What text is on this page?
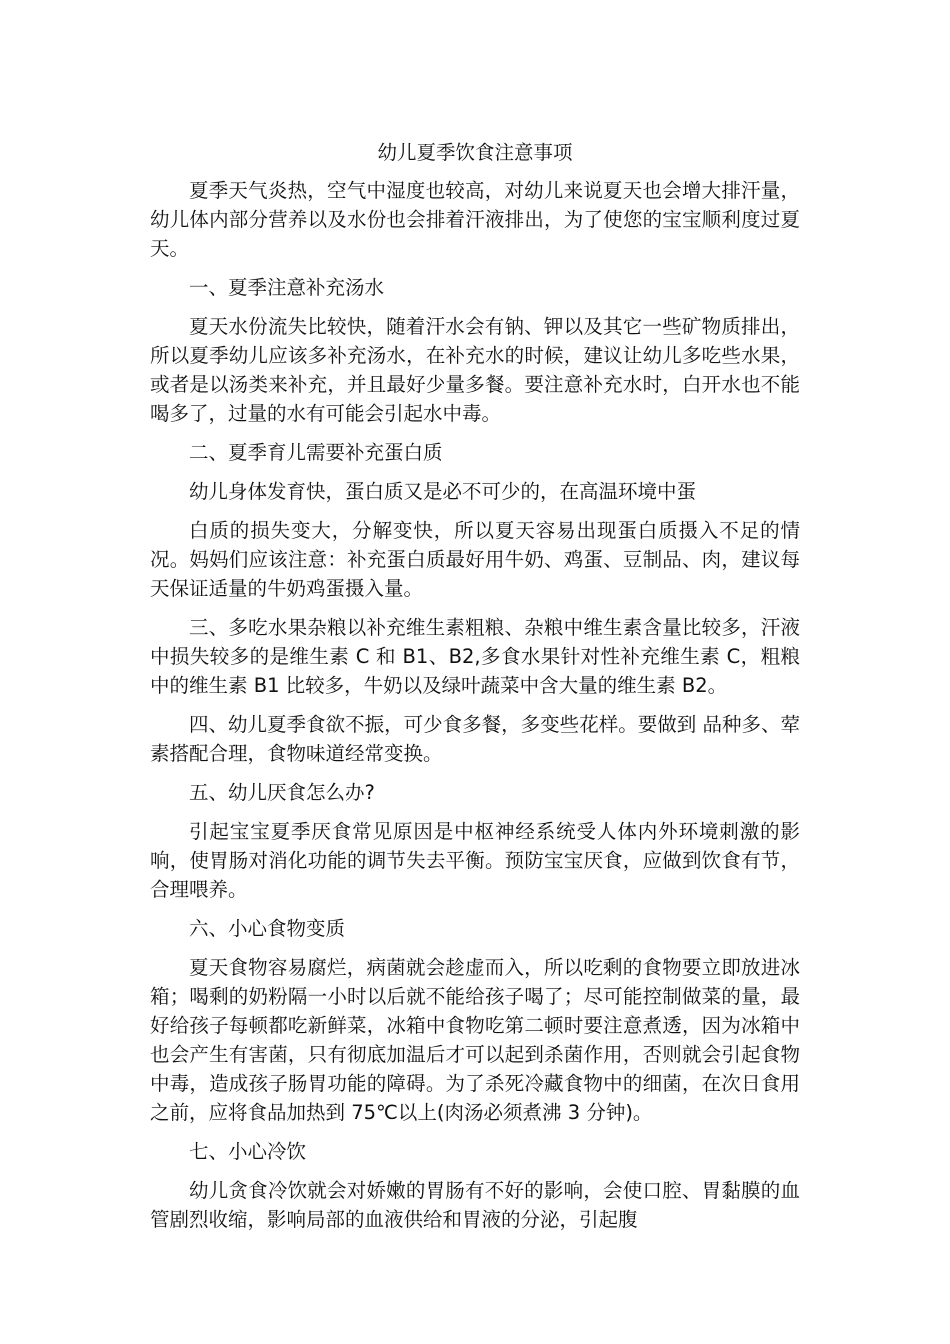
幼儿夏季饮食注意事项

夏季天气炎热，空气中湿度也较高，对幼儿来说夏天也会增大排汗量，幼儿体内部分营养以及水份也会排着汗液排出，为了使您的宝宝顺利度过夏天。

一、夏季注意补充汤水

夏天水份流失比较快，随着汗水会有钠、钾以及其它一些矿物质排出，所以夏季幼儿应该多补充汤水，在补充水的时候，建议让幼儿多吃些水果，或者是以汤类来补充，并且最好少量多餐。要注意补充水时，白开水也不能喝多了，过量的水有可能会引起水中毒。

二、夏季育儿需要补充蛋白质

幼儿身体发育快，蛋白质又是必不可少的，在高温环境中蛋

白质的损失变大，分解变快，所以夏天容易出现蛋白质摄入不足的情况。妈妈们应该注意：补充蛋白质最好用牛奶、鸡蛋、豆制品、肉，建议每天保证适量的牛奶鸡蛋摄入量。

三、多吃水果杂粮以补充维生素粗粮、杂粮中维生素含量比较多，汗液中损失较多的是维生素 C 和 B1、B2,多食水果针对性补充维生素 C，粗粮中的维生素 B1 比较多，牛奶以及绿叶蔬菜中含大量的维生素 B2。

四、幼儿夏季食欲不振，可少食多餐，多变些花样。要做到 品种多、荤素搭配合理，食物味道经常变换。

五、幼儿厌食怎么办?

引起宝宝夏季厌食常见原因是中枢神经系统受人体内外环境刺激的影响，使胃肠对消化功能的调节失去平衡。预防宝宝厌食，应做到饮食有节，合理喂养。

六、小心食物变质

夏天食物容易腐烂，病菌就会趁虚而入，所以吃剩的食物要立即放进冰箱；喝剩的奶粉隔一小时以后就不能给孩子喝了；尽可能控制做菜的量，最好给孩子每顿都吃新鲜菜，冰箱中食物吃第二顿时要注意煮透，因为冰箱中也会产生有害菌，只有彻底加温后才可以起到杀菌作用，否则就会引起食物中毒，造成孩子肠胃功能的障碍。为了杀死冷藏食物中的细菌，在次日食用之前，应将食品加热到 75℃以上(肉汤必须煮沸 3 分钟)。

七、小心冷饮

幼儿贪食冷饮就会对娇嫩的胃肠有不好的影响，会使口腔、胃黏膜的血管剧烈收缩，影响局部的血液供给和胃液的分泌，引起腹
